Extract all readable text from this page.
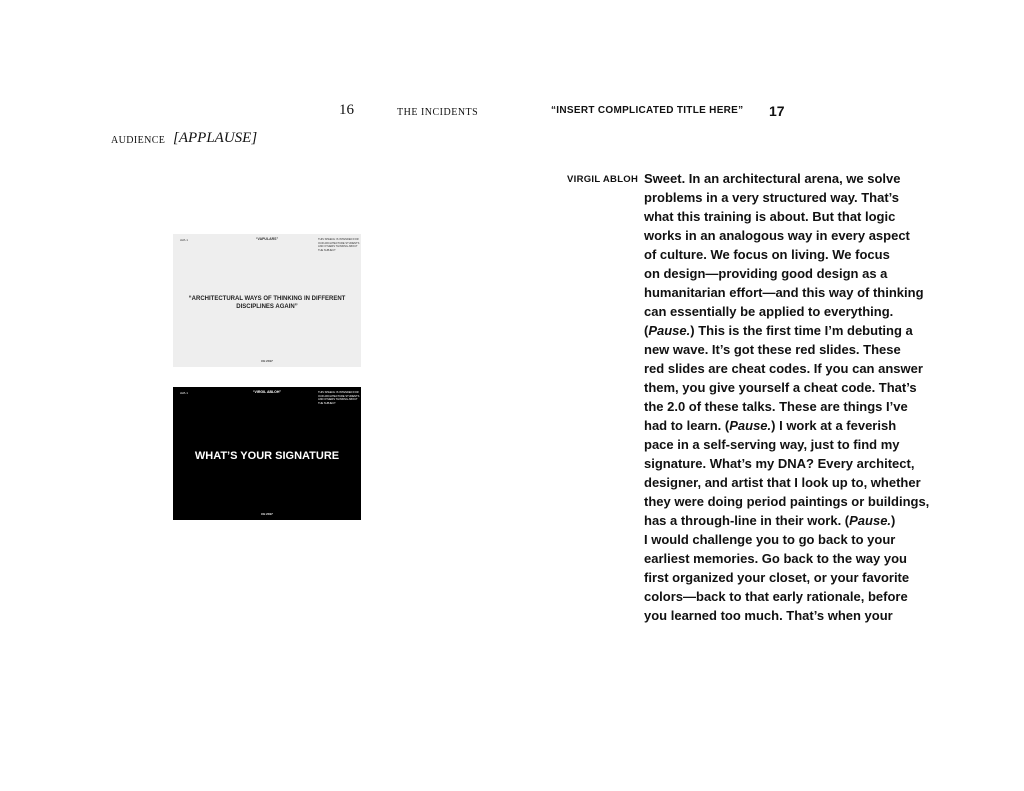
16	THE INCIDENTS	“INSERT COMPLICATED TITLE HERE” 17
AUDIENCE [APPLAUSE]
AVA 1	“VAPULARS”	THIS SPEECH IS INTENDED FOR OUR ARCHITECTURE STUDENTS AND OTHERS THINKING ABOUT THE SUBJECT
“ARCHITECTURAL WAYS OF THINKING IN DIFFERENT DISCIPLINES AGAIN”
CE 2017
AVA 1	“VIRGIL ABLOH”	THIS SPEECH IS INTENDED FOR OUR ARCHITECTURE STUDENTS AND OTHERS THINKING ABOUT THE SUBJECT
WHAT’S YOUR SIGNATURE
CE 2017
VIRGIL ABLOH Sweet. In an architectural arena, we solve
problems in a very structured way. That’s
what this training is about. But that logic
works in an analogous way in every aspect
of culture. We focus on living. We focus
on design—providing good design as a
humanitarian effort—and this way of thinking
can essentially be applied to everything.
(Pause.) This is the first time I’m debuting a
new wave. It’s got these red slides. These
red slides are cheat codes. If you can answer
them, you give yourself a cheat code. That’s
the 2.0 of these talks. These are things I’ve
had to learn. (Pause.) I work at a feverish
pace in a self-serving way, just to find my
signature. What’s my DNA? Every architect,
designer, and artist that I look up to, whether
they were doing period paintings or buildings,
has a through-line in their work. (Pause.)
I would challenge you to go back to your
earliest memories. Go back to the way you
first organized your closet, or your favorite
colors—back to that early rationale, before
you learned too much. That’s when your
